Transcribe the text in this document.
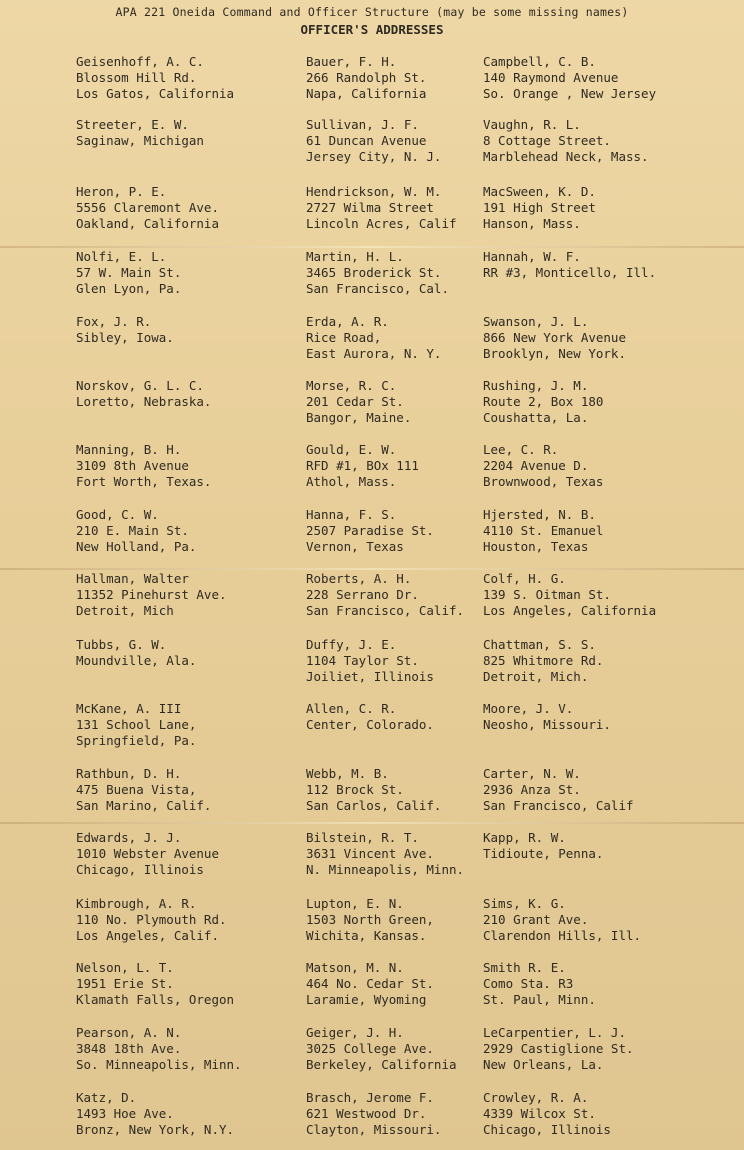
APA 221 Oneida Command and Officer Structure (may be some missing names)
OFFICER'S ADDRESSES
Geisenhoff, A. C.
Blossom Hill Rd.
Los Gatos, California
Bauer, F. H.
266 Randolph St.
Napa, California
Campbell, C. B.
140 Raymond Avenue
So. Orange , New Jersey
Streeter, E. W.
Saginaw, Michigan
Sullivan, J. F.
61 Duncan Avenue
Jersey City, N. J.
Vaughn, R. L.
8 Cottage Street.
Marblehead Neck, Mass.
Heron, P. E.
5556 Claremont Ave.
Oakland, California
Hendrickson, W. M.
2727 Wilma Street
Lincoln Acres, Calif
MacSween, K. D.
191 High Street
Hanson, Mass.
Nolfi, E. L.
57 W. Main St.
Glen Lyon, Pa.
Martin, H. L.
3465 Broderick St.
San Francisco, Cal.
Hannah, W. F.
RR #3, Monticello, Ill.
Fox, J. R.
Sibley, Iowa.
Erda, A. R.
Rice Road,
East Aurora, N. Y.
Swanson, J. L.
866 New York Avenue
Brooklyn, New York.
Norskov, G. L. C.
Loretto, Nebraska.
Morse, R. C.
201 Cedar St.
Bangor, Maine.
Rushing, J. M.
Route 2, Box 180
Coushatta, La.
Manning, B. H.
3109 8th Avenue
Fort Worth, Texas.
Gould, E. W.
RFD #1, BOx 111
Athol, Mass.
Lee, C. R.
2204 Avenue D.
Brownwood, Texas
Good, C. W.
210 E. Main St.
New Holland, Pa.
Hanna, F. S.
2507 Paradise St.
Vernon, Texas
Hjersted, N. B.
4110 St. Emanuel
Houston, Texas
Hallman, Walter
11352 Pinehurst Ave.
Detroit, Mich
Roberts, A. H.
228 Serrano Dr.
San Francisco, Calif.
Colf, H. G.
139 S. Oitman St.
Los Angeles, California
Tubbs, G. W.
Moundville, Ala.
Duffy, J. E.
1104 Taylor St.
Joiliet, Illinois
Chattman, S. S.
825 Whitmore Rd.
Detroit, Mich.
McKane, A. III
131 School Lane,
Springfield, Pa.
Allen, C. R.
Center, Colorado.
Moore, J. V.
Neosho, Missouri.
Rathbun, D. H.
475 Buena Vista,
San Marino, Calif.
Webb, M. B.
112 Brock St.
San Carlos, Calif.
Carter, N. W.
2936 Anza St.
San Francisco, Calif
Edwards, J. J.
1010 Webster Avenue
Chicago, Illinois
Bilstein, R. T.
3631 Vincent Ave.
N. Minneapolis, Minn.
Kapp, R. W.
Tidioute, Penna.
Kimbrough, A. R.
110 No. Plymouth Rd.
Los Angeles, Calif.
Lupton, E. N.
1503 North Green,
Wichita, Kansas.
Sims, K. G.
210 Grant Ave.
Clarendon Hills, Ill.
Nelson, L. T.
1951 Erie St.
Klamath Falls, Oregon
Matson, M. N.
464 No. Cedar St.
Laramie, Wyoming
Smith R. E.
Como Sta. R3
St. Paul, Minn.
Pearson, A. N.
3848 18th Ave.
So. Minneapolis, Minn.
Geiger, J. H.
3025 College Ave.
Berkeley, California
LeCarpentier, L. J.
2929 Castiglione St.
New Orleans, La.
Katz, D.
1493 Hoe Ave.
Bronz, New York, N.Y.
Brasch, Jerome F.
621 Westwood Dr.
Clayton, Missouri.
Crowley, R. A.
4339 Wilcox St.
Chicago, Illinois
